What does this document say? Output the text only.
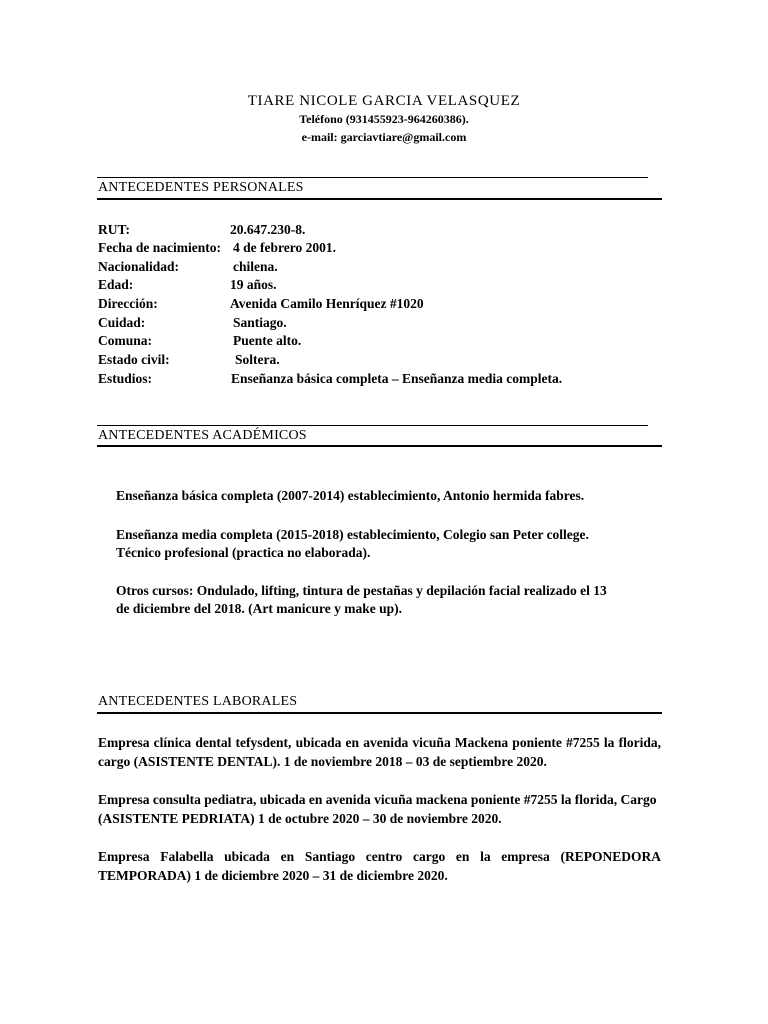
TIARE NICOLE GARCIA VELASQUEZ
Teléfono (931455923-964260386).
e-mail: garciavtiare@gmail.com
ANTECEDENTES PERSONALES
RUT:	20.647.230-8.
Fecha de nacimiento: 4 de febrero 2001.
Nacionalidad:	chilena.
Edad:	19 años.
Dirección:	Avenida Camilo Henríquez #1020
Cuidad:	Santiago.
Comuna:	Puente alto.
Estado civil:	Soltera.
Estudios:	Enseñanza básica completa – Enseñanza media completa.
ANTECEDENTES ACADÉMICOS
Enseñanza básica completa (2007-2014) establecimiento, Antonio hermida fabres.
Enseñanza media completa (2015-2018) establecimiento, Colegio san Peter college.
Técnico profesional (practica no elaborada).
Otros cursos: Ondulado, lifting, tintura de pestañas y depilación facial realizado el 13
de diciembre del 2018. (Art manicure y make up).
ANTECEDENTES LABORALES
Empresa clínica dental tefysdent, ubicada en avenida vicuña Mackena poniente #7255 la florida, cargo (ASISTENTE DENTAL). 1 de noviembre 2018 – 03 de septiembre 2020.
Empresa consulta pediatra, ubicada en avenida vicuña mackena poniente #7255 la florida, Cargo (ASISTENTE PEDRIATA) 1 de octubre 2020 – 30 de noviembre 2020.
Empresa Falabella ubicada en Santiago centro cargo en la empresa (REPONEDORA TEMPORADA) 1 de diciembre 2020 – 31 de diciembre 2020.
